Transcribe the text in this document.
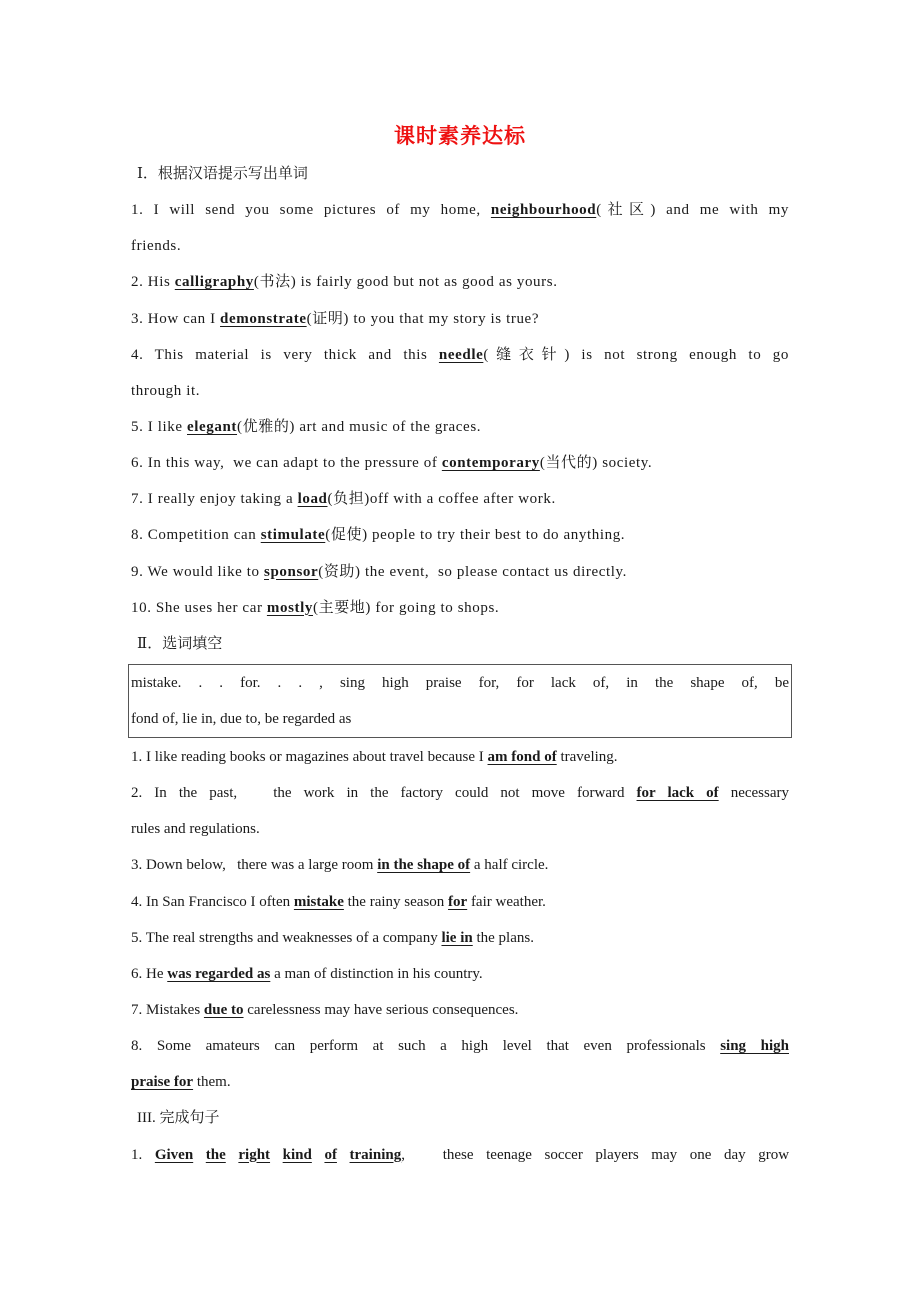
课时素养达标
Ⅰ．根据汉语提示写出单词
1. I will send you some pictures of my home, neighbourhood(社区) and me with my
friends.
2. His calligraphy(书法) is fairly good but not as good as yours.
3. How can I demonstrate(证明) to you that my story is true?
4. This material is very thick and this needle(缝衣针) is not strong enough to go
through it.
5. I like elegant(优雅的) art and music of the graces.
6. In this way,  we can adapt to the pressure of contemporary(当代的) society.
7. I really enjoy taking a load(负担)off with a coffee after work.
8. Competition can stimulate(促使) people to try their best to do anything.
9. We would like to sponsor(资助) the event,  so please contact us directly.
10. She uses her car mostly(主要地) for going to shops.
Ⅱ．选词填空
mistake. . . for. . . , sing high praise for, for lack of, in the shape of, be
fond of, lie in, due to, be regarded as
1. I like reading books or magazines about travel because I am fond of traveling.
2. In the past,   the work in the factory could not move forward for lack of necessary
rules and regulations.
3. Down below,   there was a large room in the shape of a half circle.
4. In San Francisco I often mistake the rainy season for fair weather.
5. The real strengths and weaknesses of a company lie in the plans.
6. He was regarded as a man of distinction in his country.
7. Mistakes due to carelessness may have serious consequences.
8. Some amateurs can perform at such a high level that even professionals sing high
praise for them.
III. 完成句子
1. Given the right kind of training,   these teenage soccer players may one day grow
